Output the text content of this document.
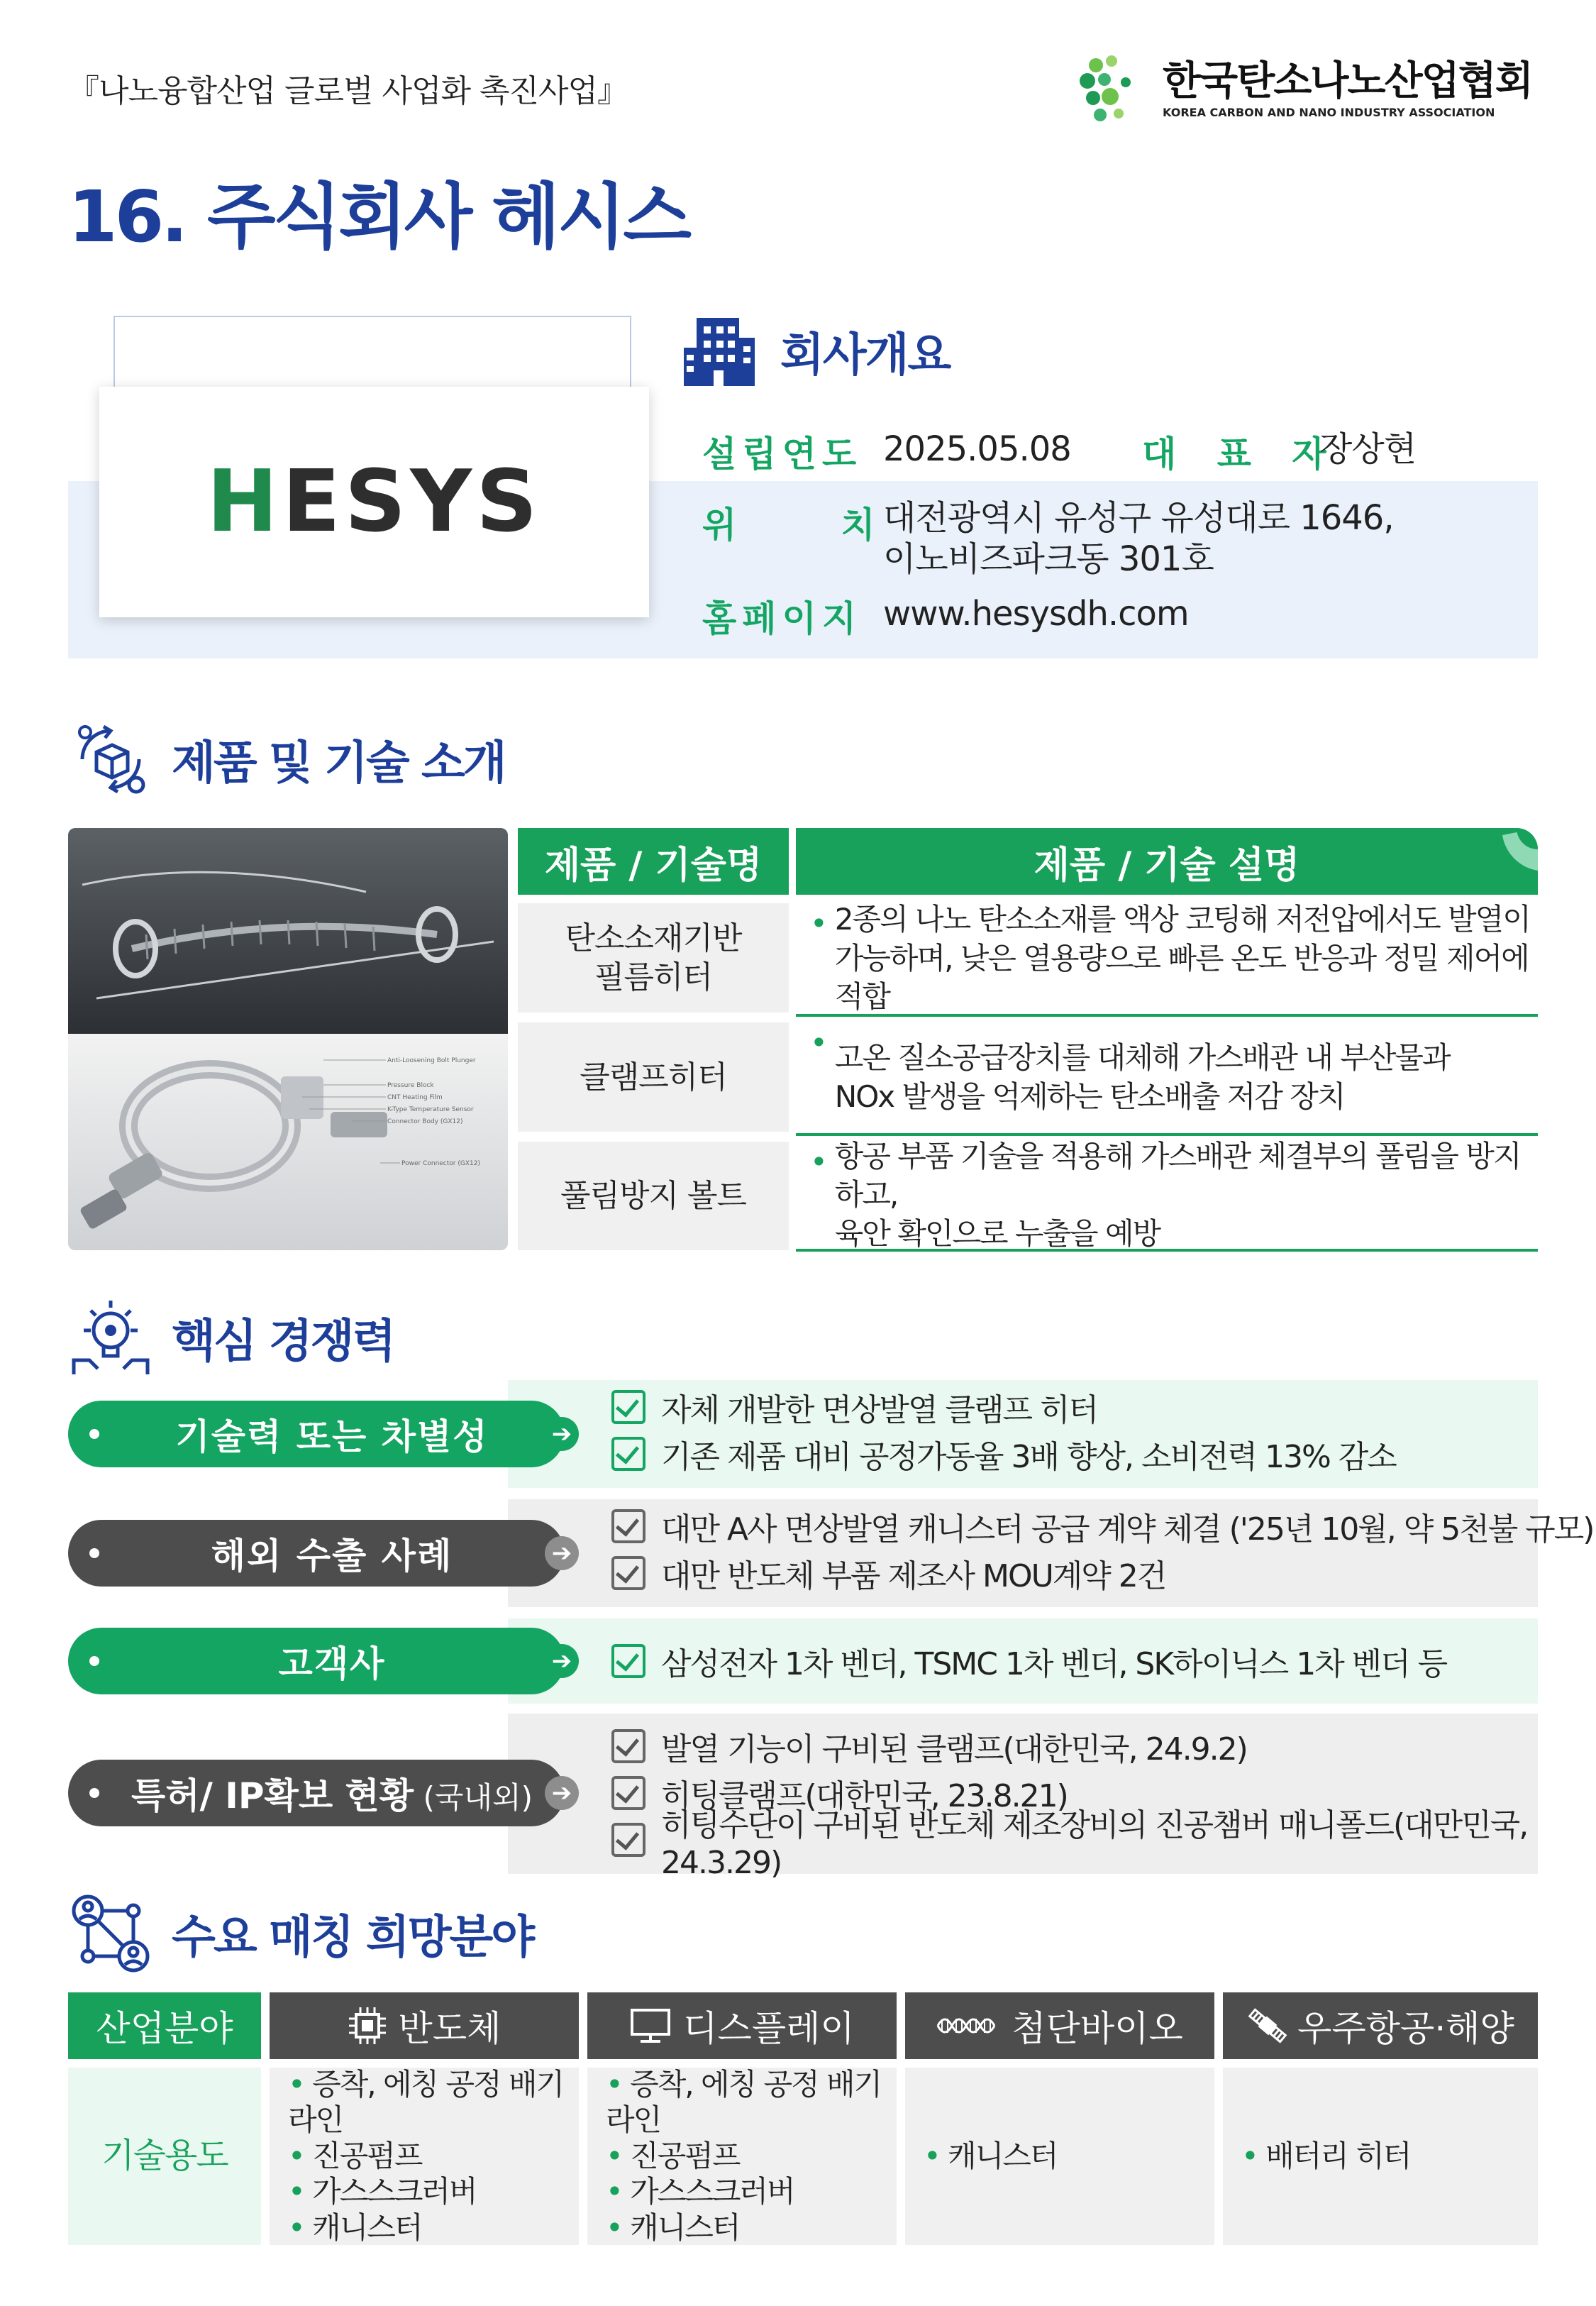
『나노융합산업 글로벌 사업화 촉진사업』	한국탄소나노산업협회
KOREA CARBON AND NANO INDUSTRY ASSOCIATION
16. 주식회사 헤시스
HESYS
회사개요
설립연도 2025.05.08 대 표 자
장상현
위     치 대전광역시 유성구 유성대로 1646,
이노비즈파크동 301호
홈페이지 www.hesysdh.com
제품 및 기술 소개
Anti-Loosening Bolt Plunger
Pressure Block
CNT Heating Film
K-Type Temperature Sensor
Connector Body (GX12)
Power Connector (GX12)
제품 / 기술명	제품 / 기술 설명
탄소소재기반
필름히터
• 2종의 나노 탄소소재를 액상 코팅해 저전압에서도 발열이
가능하며, 낮은 열용량으로 빠른 온도 반응과 정밀 제어에 적합
클램프히터
• 고온 질소공급장치를 대체해 가스배관 내 부산물과
NOx 발생을 억제하는 탄소배출 저감 장치
풀림방지 볼트
• 항공 부품 기술을 적용해 가스배관 체결부의 풀림을 방지하고,
육안 확인으로 누출을 예방
핵심 경쟁력
기술력 또는 차별성	➔
자체 개발한 면상발열 클램프 히터
기존 제품 대비 공정가동율 3배 향상, 소비전력 13% 감소
해외 수출 사례	➔
대만 A사 면상발열 캐니스터 공급 계약 체결 ('25년 10월, 약 5천불 규모)
대만 반도체 부품 제조사 MOU계약 2건
고객사	➔	삼성전자 1차 벤더, TSMC 1차 벤더, SK하이닉스 1차 벤더 등
특허/ IP확보 현황 (국내외) ➔
발열 기능이 구비된 클램프(대한민국, 24.9.2)
히팅클램프(대한민국, 23.8.21)
히팅수단이 구비된 반도체 제조장비의 진공챔버 매니폴드(대만민국, 24.3.29)
수요 매칭 희망분야
산업분야	반도체	디스플레이	첨단바이오	우주항공·해양
기술용도
• 증착, 에칭 공정 배기라인
• 진공펌프
• 가스스크러버
• 캐니스터
• 증착, 에칭 공정 배기라인
• 진공펌프
• 가스스크러버
• 캐니스터
• 캐니스터
•	배터리 히터
